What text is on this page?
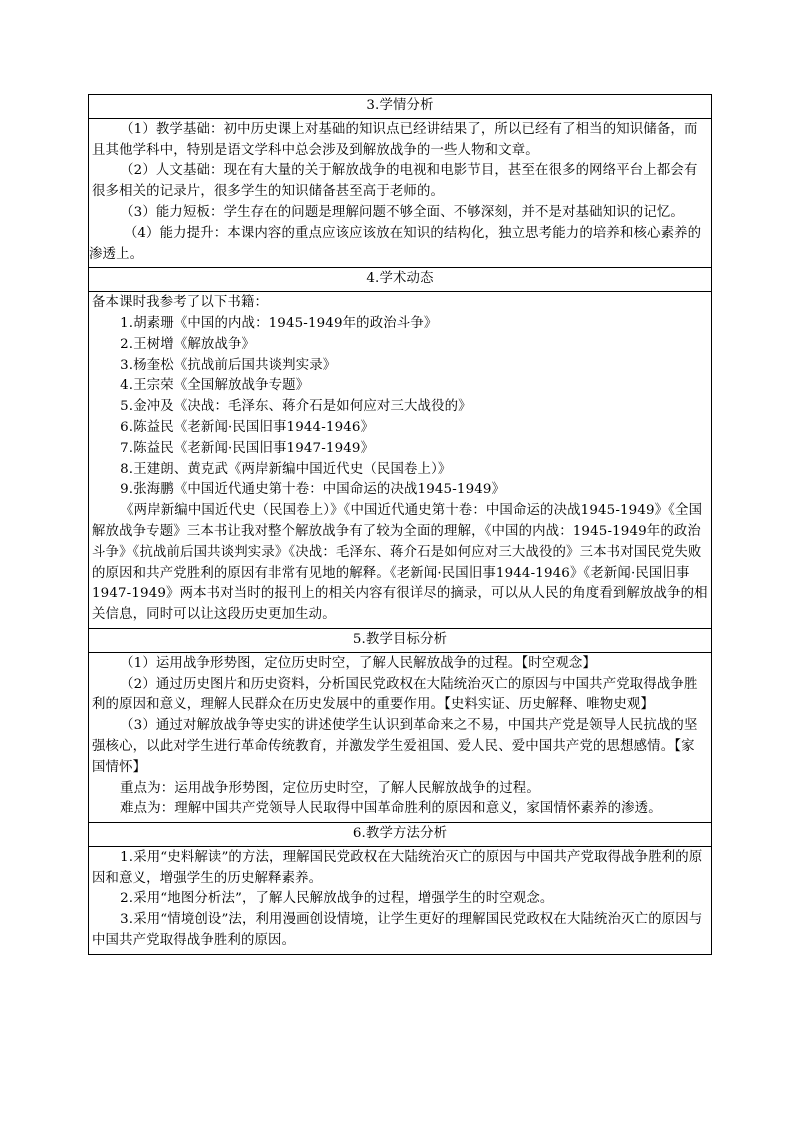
3.学情分析

（1）教学基础：初中历史课上对基础的知识点已经讲结果了，所以已经有了相当的知识储备，而且其他学科中，特别是语文学科中总会涉及到解放战争的一些人物和文章。

（2）人文基础：现在有大量的关于解放战争的电视和电影节目，甚至在很多的网络平台上都会有很多相关的记录片，很多学生的知识储备甚至高于老师的。

（3）能力短板：学生存在的问题是理解问题不够全面、不够深刻，并不是对基础知识的记忆。

（4）能力提升：本课内容的重点应该应该放在知识的结构化，独立思考能力的培养和核心素养的渗透上。

4.学术动态

备本课时我参考了以下书籍：

1.胡素珊《中国的内战：1945-1949年的政治斗争》

2.王树增《解放战争》

3.杨奎松《抗战前后国共谈判实录》

4.王宗荣《全国解放战争专题》

5.金冲及《决战：毛泽东、蒋介石是如何应对三大战役的》

6.陈益民《老新闻·民国旧事1944-1946》

7.陈益民《老新闻·民国旧事1947-1949》

8.王建朗、黄克武《两岸新编中国近代史（民国卷上）》

9.张海鹏《中国近代通史第十卷：中国命运的决战1945-1949》

《两岸新编中国近代史（民国卷上）》《中国近代通史第十卷：中国命运的决战1945-1949》《全国解放战争专题》三本书让我对整个解放战争有了较为全面的理解，《中国的内战：1945-1949年的政治斗争》《抗战前后国共谈判实录》《决战：毛泽东、蒋介石是如何应对三大战役的》三本书对国民党失败的原因和共产党胜利的原因有非常有见地的解释。《老新闻·民国旧事1944-1946》《老新闻·民国旧事1947-1949》两本书对当时的报刊上的相关内容有很详尽的摘录，可以从人民的角度看到解放战争的相关信息，同时可以让这段历史更加生动。

5.教学目标分析

（1）运用战争形势图，定位历史时空，了解人民解放战争的过程。【时空观念】

（2）通过历史图片和历史资料，分析国民党政权在大陆统治灭亡的原因与中国共产党取得战争胜利的原因和意义，理解人民群众在历史发展中的重要作用。【史料实证、历史解释、唯物史观】

（3）通过对解放战争等史实的讲述使学生认识到革命来之不易，中国共产党是领导人民抗战的坚强核心，以此对学生进行革命传统教育，并激发学生爱祖国、爱人民、爱中国共产党的思想感情。【家国情怀】

重点为：运用战争形势图，定位历史时空，了解人民解放战争的过程。

难点为：理解中国共产党领导人民取得中国革命胜利的原因和意义，家国情怀素养的渗透。

6.教学方法分析

1.采用“史料解读”的方法，理解国民党政权在大陆统治灭亡的原因与中国共产党取得战争胜利的原因和意义，增强学生的历史解释素养。

2.采用“地图分析法”，了解人民解放战争的过程，增强学生的时空观念。

3.采用“情境创设”法，利用漫画创设情境，让学生更好的理解国民党政权在大陆统治灭亡的原因与中国共产党取得战争胜利的原因。
